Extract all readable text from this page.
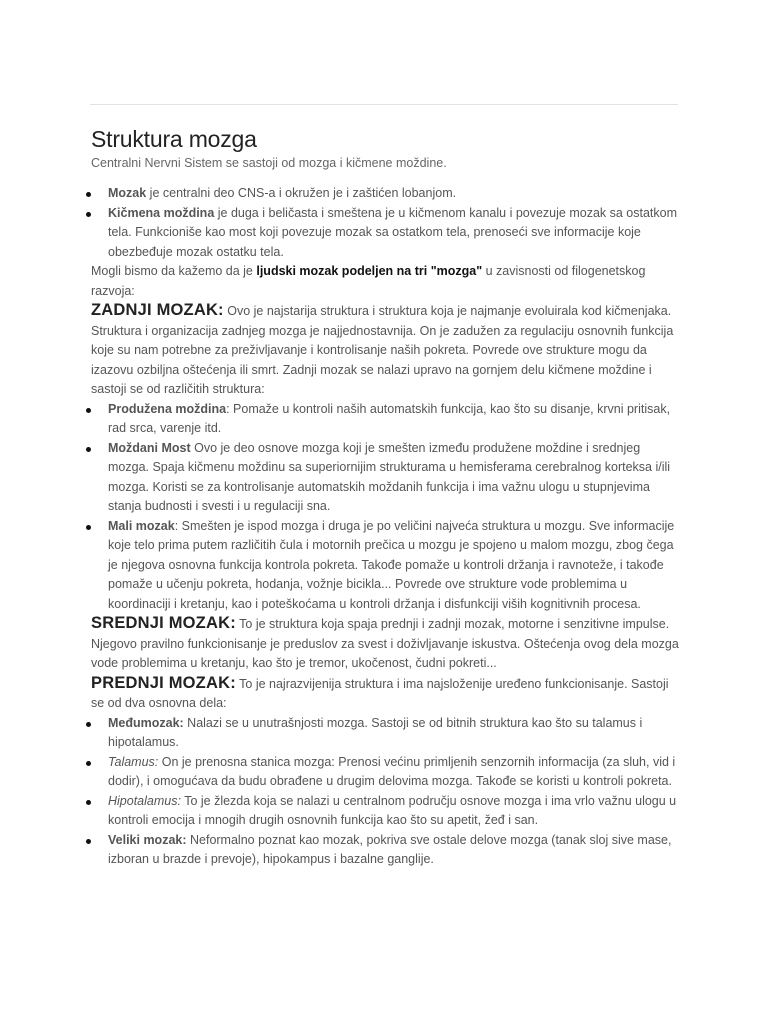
Struktura mozga

Centralni Nervni Sistem se sastoji od mozga i kičmene moždine.

Mozak je centralni deo CNS-a i okružen je i zaštićen lobanjom.
Kičmena moždina je duga i beličasta i smeštena je u kičmenom kanalu i povezuje mozak sa ostatkom tela. Funkcioniše kao most koji povezuje mozak sa ostatkom tela, prenoseći sve informacije koje obezbeđuje mozak ostatku tela.

Mogli bismo da kažemo da je ljudski mozak podeljen na tri "mozga" u zavisnosti od filogenetskog razvoja:

ZADNJI MOZAK: Ovo je najstarija struktura i struktura koja je najmanje evoluirala kod kičmenjaka. Struktura i organizacija zadnjeg mozga je najjednostavnija. On je zadužen za regulaciju osnovnih funkcija koje su nam potrebne za preživljavanje i kontrolisanje naših pokreta. Povrede ove strukture mogu da izazovu ozbiljna oštećenja ili smrt. Zadnji mozak se nalazi upravo na gornjem delu kičmene moždine i sastoji se od različitih struktura:

Produžena moždina: Pomaže u kontroli naših automatskih funkcija, kao što su disanje, krvni pritisak, rad srca, varenje itd.
Moždani Most Ovo je deo osnove mozga koji je smešten između produžene moždine i srednjeg mozga. Spaja kičmenu moždinu sa superiornijim strukturama u hemisferama cerebralnog korteksa i/ili mozga. Koristi se za kontrolisanje automatskih moždanih funkcija i ima važnu ulogu u stupnjevima stanja budnosti i svesti i u regulaciji sna.
Mali mozak: Smešten je ispod mozga i druga je po veličini najveća struktura u mozgu. Sve informacije koje telo prima putem različitih čula i motornih prečica u mozgu je spojeno u malom mozgu, zbog čega je njegova osnovna funkcija kontrola pokreta. Takođe pomaže u kontroli držanja i ravnoteže, i takođe pomaže u učenju pokreta, hodanja, vožnje bicikla... Povrede ove strukture vode problemima u koordinaciji i kretanju, kao i poteškoćama u kontroli držanja i disfunkciji viših kognitivnih procesa.

SREDNJI MOZAK: To je struktura koja spaja prednji i zadnji mozak, motorne i senzitivne impulse. Njegovo pravilno funkcionisanje je preduslov za svest i doživljavanje iskustva. Oštećenja ovog dela mozga vode problemima u kretanju, kao što je tremor, ukočenost, čudni pokreti...

PREDNJI MOZAK: To je najrazvijenija struktura i ima najsloženije uređeno funkcionisanje. Sastoji se od dva osnovna dela:

Međumozak: Nalazi se u unutrašnjosti mozga. Sastoji se od bitnih struktura kao što su talamus i hipotalamus.
Talamus: On je prenosna stanica mozga: Prenosi većinu primljenih senzornih informacija (za sluh, vid i dodir), i omogućava da budu obrađene u drugim delovima mozga. Takođe se koristi u kontroli pokreta.
Hipotalamus: To je žlezda koja se nalazi u centralnom području osnove mozga i ima vrlo važnu ulogu u kontroli emocija i mnogih drugih osnovnih funkcija kao što su apetit, žeđ i san.
Veliki mozak: Neformalno poznat kao mozak, pokriva sve ostale delove mozga (tanak sloj sive mase, izboran u brazde i prevoje), hipokampus i bazalne ganglije.
